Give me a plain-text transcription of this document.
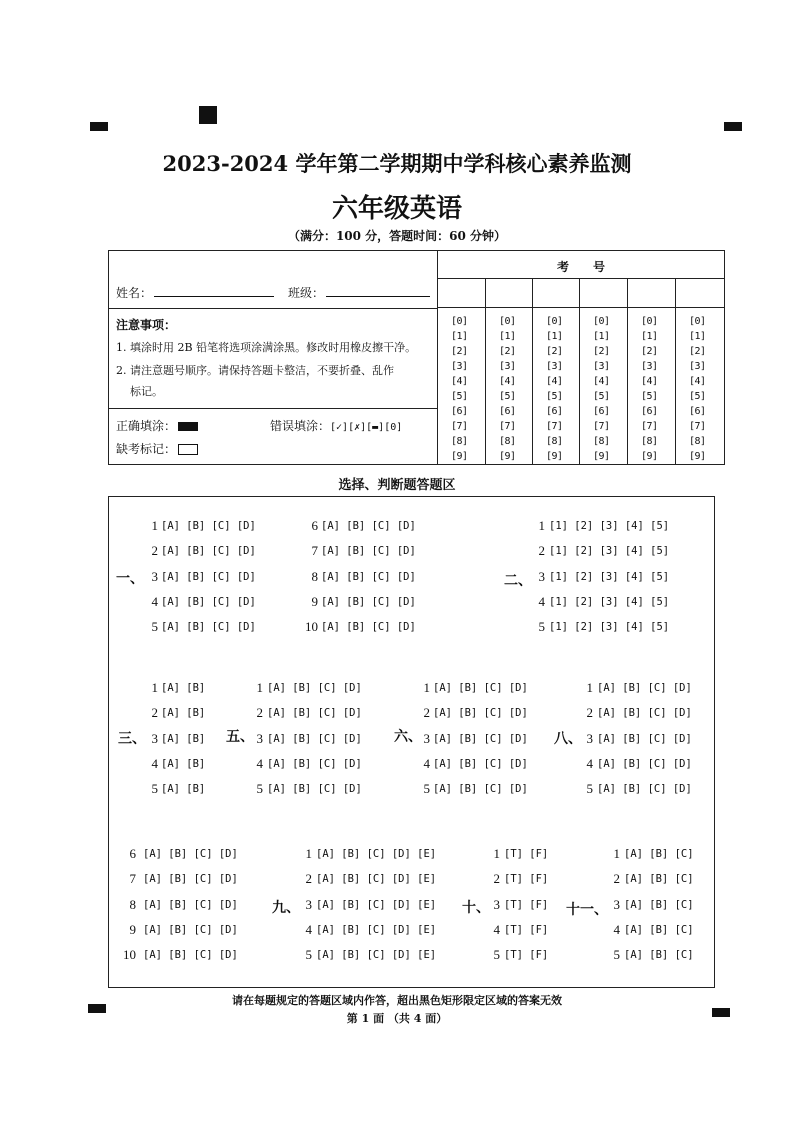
2023-2024 学年第二学期期中学科核心素养监测
六年级英语
（满分：100 分，答题时间：60 分钟）
考　　号
姓名：	班级：
注意事项：
1. 填涂时用 2B 铅笔将选项涂满涂黑。修改时用橡皮擦干净。
2. 请注意题号顺序。请保持答题卡整洁，不要折叠、乱作
标记。
正确填涂：	错误填涂：[✓][✗][▬][0]
缺考标记：
[0]
[1]
[2]
[3]
[4]
[5]
[6]
[7]
[8]
[9]
[0]
[1]
[2]
[3]
[4]
[5]
[6]
[7]
[8]
[9]
[0]
[1]
[2]
[3]
[4]
[5]
[6]
[7]
[8]
[9]
[0]
[1]
[2]
[3]
[4]
[5]
[6]
[7]
[8]
[9]
[0]
[1]
[2]
[3]
[4]
[5]
[6]
[7]
[8]
[9]
[0]
[1]
[2]
[3]
[4]
[5]
[6]
[7]
[8]
[9]
选择、判断题答题区
一、
1 [A] [B] [C] [D]
2 [A] [B] [C] [D]
3 [A] [B] [C] [D]
4 [A] [B] [C] [D]
5 [A] [B] [C] [D]
6 [A] [B] [C] [D]
7 [A] [B] [C] [D]
8 [A] [B] [C] [D]
9 [A] [B] [C] [D]
10 [A] [B] [C] [D]
二、
1 [1] [2] [3] [4] [5]
2 [1] [2] [3] [4] [5]
3 [1] [2] [3] [4] [5]
4 [1] [2] [3] [4] [5]
5 [1] [2] [3] [4] [5]
三、
1 [A] [B]
2 [A] [B]
3 [A] [B]
4 [A] [B]
5 [A] [B]
五、
1 [A] [B] [C] [D]
2 [A] [B] [C] [D]
3 [A] [B] [C] [D]
4 [A] [B] [C] [D]
5 [A] [B] [C] [D]
六、
1 [A] [B] [C] [D]
2 [A] [B] [C] [D]
3 [A] [B] [C] [D]
4 [A] [B] [C] [D]
5 [A] [B] [C] [D]
八、
1 [A] [B] [C] [D]
2 [A] [B] [C] [D]
3 [A] [B] [C] [D]
4 [A] [B] [C] [D]
5 [A] [B] [C] [D]
6 [A] [B] [C] [D]
7 [A] [B] [C] [D]
8 [A] [B] [C] [D]
9 [A] [B] [C] [D]
10 [A] [B] [C] [D]
九、
1 [A] [B] [C] [D] [E]
2 [A] [B] [C] [D] [E]
3 [A] [B] [C] [D] [E]
4 [A] [B] [C] [D] [E]
5 [A] [B] [C] [D] [E]
十、
1 [T] [F]
2 [T] [F]
3 [T] [F]
4 [T] [F]
5 [T] [F]
十一、
1 [A] [B] [C]
2 [A] [B] [C]
3 [A] [B] [C]
4 [A] [B] [C]
5 [A] [B] [C]
请在每题规定的答题区域内作答，超出黑色矩形限定区域的答案无效
第 1 面 （共 4 面）
